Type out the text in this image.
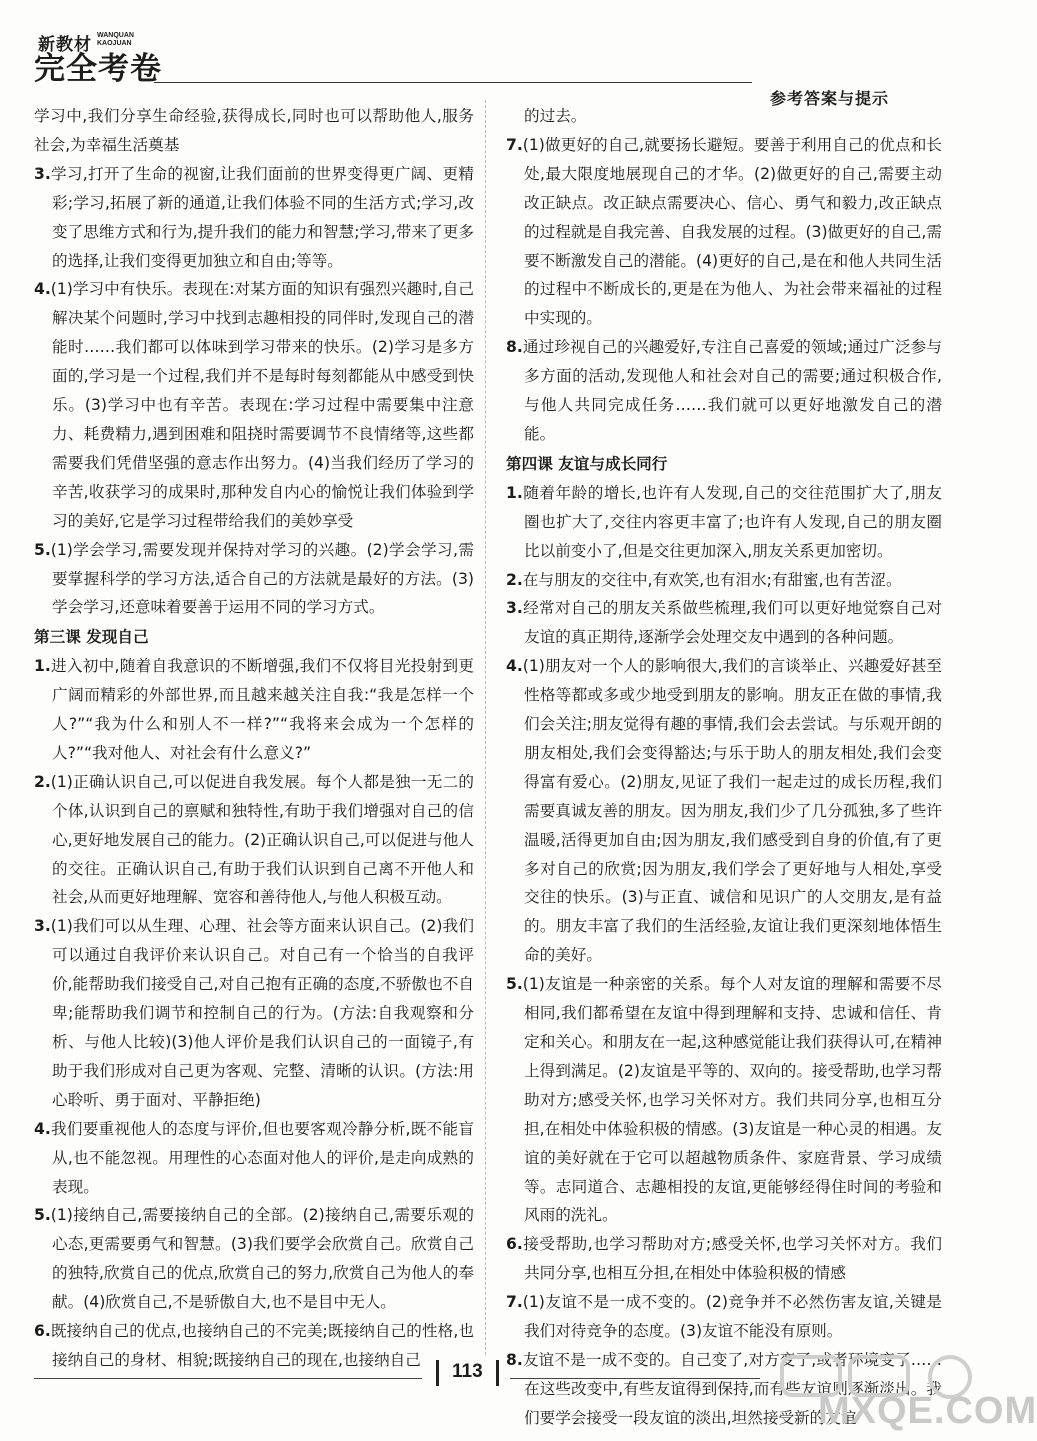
新教材 WANQUAN
KAOJUAN
完全考卷
参考答案与提示

学习中,我们分享生命经验,获得成长,同时也可以帮助他人,服务社会,为幸福生活奠基

3.学习,打开了生命的视窗,让我们面前的世界变得更广阔、更精彩;学习,拓展了新的通道,让我们体验不同的生活方式;学习,改变了思维方式和行为,提升我们的能力和智慧;学习,带来了更多的选择,让我们变得更加独立和自由;等等。

4.(1)学习中有快乐。表现在:对某方面的知识有强烈兴趣时,自己解决某个问题时,学习中找到志趣相投的同伴时,发现自己的潜能时……我们都可以体味到学习带来的快乐。(2)学习是多方面的,学习是一个过程,我们并不是每时每刻都能从中感受到快乐。(3)学习中也有辛苦。表现在:学习过程中需要集中注意力、耗费精力,遇到困难和阻挠时需要调节不良情绪等,这些都需要我们凭借坚强的意志作出努力。(4)当我们经历了学习的辛苦,收获学习的成果时,那种发自内心的愉悦让我们体验到学习的美好,它是学习过程带给我们的美妙享受

5.(1)学会学习,需要发现并保持对学习的兴趣。(2)学会学习,需要掌握科学的学习方法,适合自己的方法就是最好的方法。(3)学会学习,还意味着要善于运用不同的学习方式。

第三课 发现自己

1.进入初中,随着自我意识的不断增强,我们不仅将目光投射到更广阔而精彩的外部世界,而且越来越关注自我:“我是怎样一个人?”“我为什么和别人不一样?”“我将来会成为一个怎样的人?”“我对他人、对社会有什么意义?”

2.(1)正确认识自己,可以促进自我发展。每个人都是独一无二的个体,认识到自己的禀赋和独特性,有助于我们增强对自己的信心,更好地发展自己的能力。(2)正确认识自己,可以促进与他人的交往。正确认识自己,有助于我们认识到自己离不开他人和社会,从而更好地理解、宽容和善待他人,与他人积极互动。

3.(1)我们可以从生理、心理、社会等方面来认识自己。(2)我们可以通过自我评价来认识自己。对自己有一个恰当的自我评价,能帮助我们接受自己,对自己抱有正确的态度,不骄傲也不自卑;能帮助我们调节和控制自己的行为。(方法:自我观察和分析、与他人比较)(3)他人评价是我们认识自己的一面镜子,有助于我们形成对自己更为客观、完整、清晰的认识。(方法:用心聆听、勇于面对、平静拒绝)

4.我们要重视他人的态度与评价,但也要客观冷静分析,既不能盲从,也不能忽视。用理性的心态面对他人的评价,是走向成熟的表现。

5.(1)接纳自己,需要接纳自己的全部。(2)接纳自己,需要乐观的心态,更需要勇气和智慧。(3)我们要学会欣赏自己。欣赏自己的独特,欣赏自己的优点,欣赏自己的努力,欣赏自己为他人的奉献。(4)欣赏自己,不是骄傲自大,也不是目中无人。

6.既接纳自己的优点,也接纳自己的不完美;既接纳自己的性格,也接纳自己的身材、相貌;既接纳自己的现在,也接纳自己

的过去。

7.(1)做更好的自己,就要扬长避短。要善于利用自己的优点和长处,最大限度地展现自己的才华。(2)做更好的自己,需要主动改正缺点。改正缺点需要决心、信心、勇气和毅力,改正缺点的过程就是自我完善、自我发展的过程。(3)做更好的自己,需要不断激发自己的潜能。(4)更好的自己,是在和他人共同生活的过程中不断成长的,更是在为他人、为社会带来福祉的过程中实现的。

8.通过珍视自己的兴趣爱好,专注自己喜爱的领域;通过广泛参与多方面的活动,发现他人和社会对自己的需要;通过积极合作,与他人共同完成任务……我们就可以更好地激发自己的潜能。

第四课 友谊与成长同行

1.随着年龄的增长,也许有人发现,自己的交往范围扩大了,朋友圈也扩大了,交往内容更丰富了;也许有人发现,自己的朋友圈比以前变小了,但是交往更加深入,朋友关系更加密切。

2.在与朋友的交往中,有欢笑,也有泪水;有甜蜜,也有苦涩。

3.经常对自己的朋友关系做些梳理,我们可以更好地觉察自己对友谊的真正期待,逐渐学会处理交友中遇到的各种问题。

4.(1)朋友对一个人的影响很大,我们的言谈举止、兴趣爱好甚至性格等都或多或少地受到朋友的影响。朋友正在做的事情,我们会关注;朋友觉得有趣的事情,我们会去尝试。与乐观开朗的朋友相处,我们会变得豁达;与乐于助人的朋友相处,我们会变得富有爱心。(2)朋友,见证了我们一起走过的成长历程,我们需要真诚友善的朋友。因为朋友,我们少了几分孤独,多了些许温暖,活得更加自由;因为朋友,我们感受到自身的价值,有了更多对自己的欣赏;因为朋友,我们学会了更好地与人相处,享受交往的快乐。(3)与正直、诚信和见识广的人交朋友,是有益的。朋友丰富了我们的生活经验,友谊让我们更深刻地体悟生命的美好。

5.(1)友谊是一种亲密的关系。每个人对友谊的理解和需要不尽相同,我们都希望在友谊中得到理解和支持、忠诚和信任、肯定和关心。和朋友在一起,这种感觉能让我们获得认可,在精神上得到满足。(2)友谊是平等的、双向的。接受帮助,也学习帮助对方;感受关怀,也学习关怀对方。我们共同分享,也相互分担,在相处中体验积极的情感。(3)友谊是一种心灵的相遇。友谊的美好就在于它可以超越物质条件、家庭背景、学习成绩等。志同道合、志趣相投的友谊,更能够经得住时间的考验和风雨的洗礼。

6.接受帮助,也学习帮助对方;感受关怀,也学习关怀对方。我们共同分享,也相互分担,在相处中体验积极的情感

7.(1)友谊不是一成不变的。(2)竞争并不必然伤害友谊,关键是我们对待竞争的态度。(3)友谊不能没有原则。

8.友谊不是一成不变的。自己变了,对方变了,或者环境变了……在这些改变中,有些友谊得到保持,而有些友谊则逐渐淡出。我们要学会接受一段友谊的淡出,坦然接受新的友谊

113
MXQE.COM
